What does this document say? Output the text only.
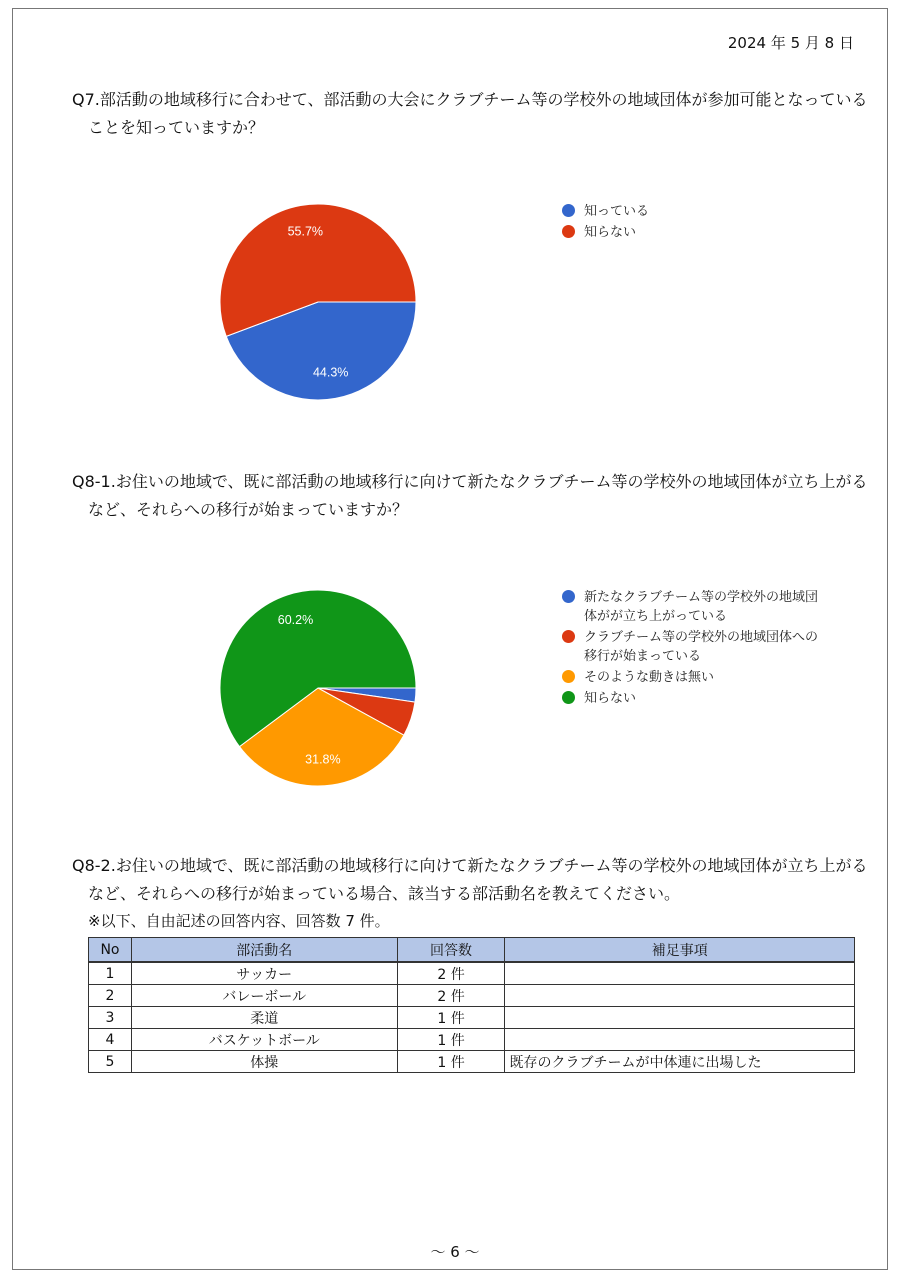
2024 年 5 月 8 日
Q7.部活動の地域移行に合わせて、部活動の大会にクラブチーム等の学校外の地域団体が参加可能となっていることを知っていますか？
44.3%
55.7%
知っている
知らない
Q8-1.お住いの地域で、既に部活動の地域移行に向けて新たなクラブチーム等の学校外の地域団体が立ち上がるなど、それらへの移行が始まっていますか？
31.8%
60.2%
新たなクラブチーム等の学校外の地域団
体がが立ち上がっている
クラブチーム等の学校外の地域団体への
移行が始まっている
そのような動きは無い
知らない
Q8-2.お住いの地域で、既に部活動の地域移行に向けて新たなクラブチーム等の学校外の地域団体が立ち上がるなど、それらへの移行が始まっている場合、該当する部活動名を教えてください。
※以下、自由記述の回答内容、回答数 7 件。
No	部活動名	回答数	補足事項
1	サッカー	2 件	
2	バレーボール	2 件	
3	柔道	1 件	
4	バスケットボール	1 件	
5	体操	1 件	既存のクラブチームが中体連に出場した
～ 6 ～
